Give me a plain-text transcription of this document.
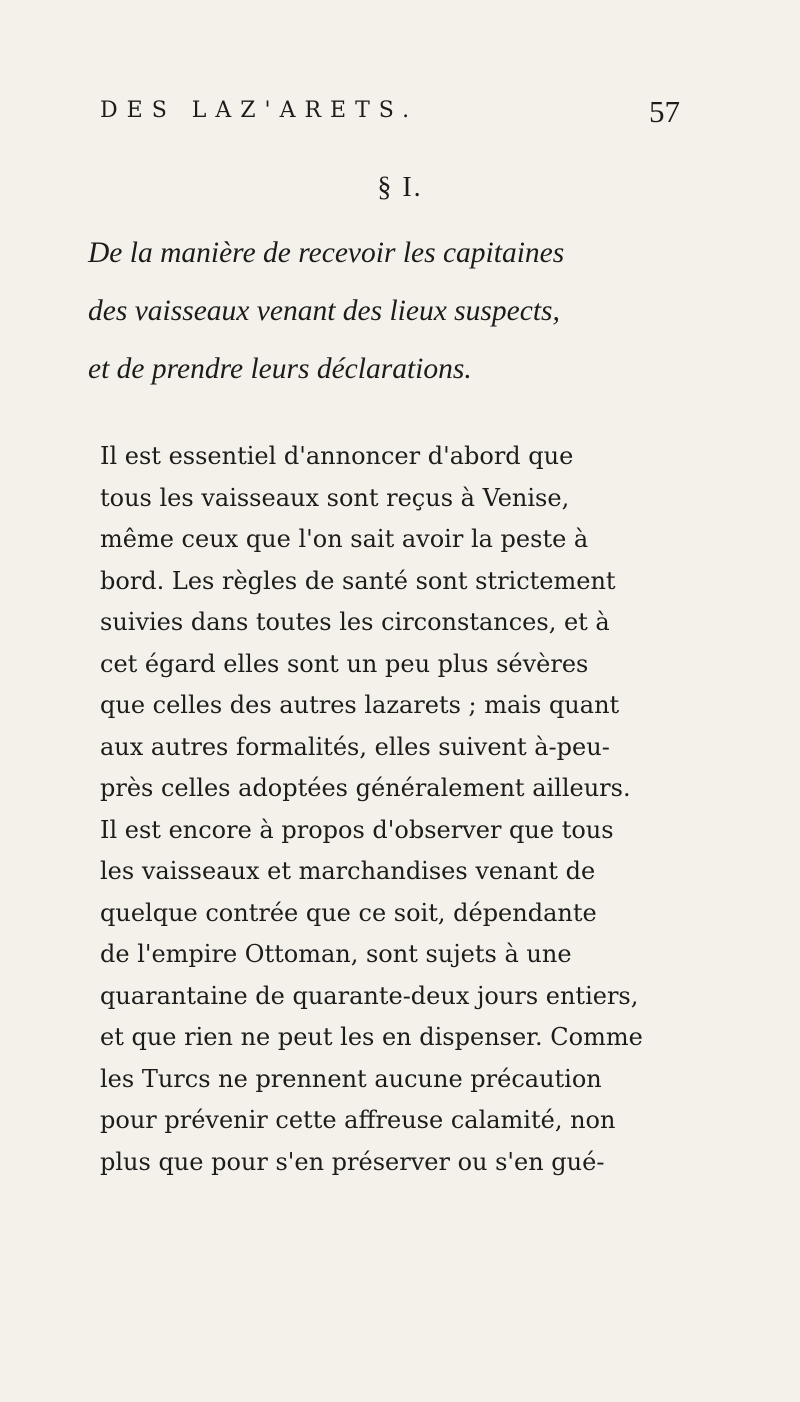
DES LAZ'ARETS.	57
§ I.
De la manière de recevoir les capitaines
des vaisseaux venant des lieux suspects,
et de prendre leurs déclarations.
Il est essentiel d'annoncer d'abord que
tous les vaisseaux sont reçus à Venise,
même ceux que l'on sait avoir la peste à
bord. Les règles de santé sont strictement
suivies dans toutes les circonstances, et à
cet égard elles sont un peu plus sévères
que celles des autres lazarets ; mais quant
aux autres formalités, elles suivent à-peu-
près celles adoptées généralement ailleurs.
Il est encore à propos d'observer que tous
les vaisseaux et marchandises venant de
quelque contrée que ce soit, dépendante
de l'empire Ottoman, sont sujets à une
quarantaine de quarante-deux jours entiers,
et que rien ne peut les en dispenser. Comme
les Turcs ne prennent aucune précaution
pour prévenir cette affreuse calamité, non
plus que pour s'en préserver ou s'en gué-
